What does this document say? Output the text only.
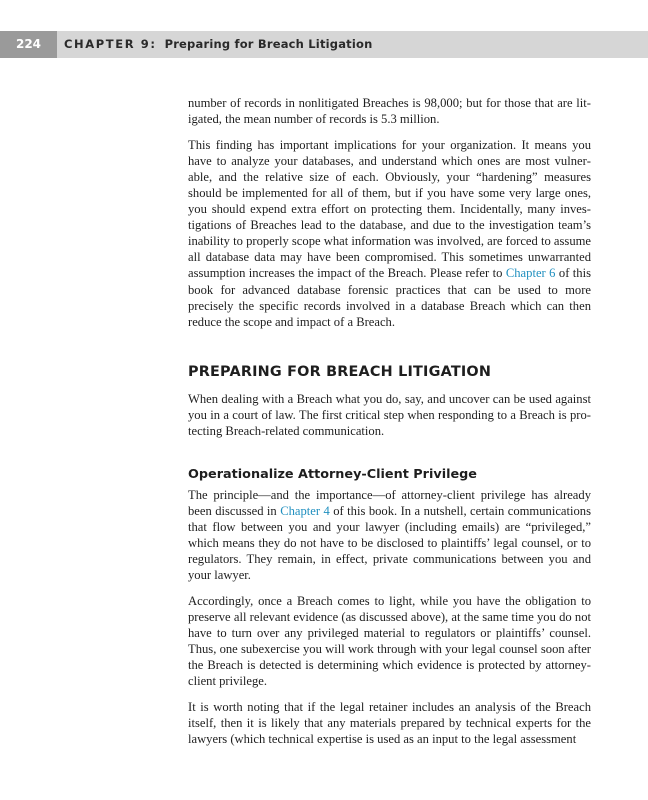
224	CHAPTER 9: Preparing for Breach Litigation

number of records in nonlitigated Breaches is 98,000; but for those that are litigated, the mean number of records is 5.3 million.

This finding has important implications for your organization. It means you have to analyze your databases, and understand which ones are most vulnerable, and the relative size of each. Obviously, your “hardening” measures should be implemented for all of them, but if you have some very large ones, you should expend extra effort on protecting them. Incidentally, many investigations of Breaches lead to the database, and due to the investigation team’s inability to properly scope what information was involved, are forced to assume all database data may have been compromised. This sometimes unwarranted assumption increases the impact of the Breach. Please refer to Chapter 6 of this book for advanced database forensic practices that can be used to more precisely the specific records involved in a database Breach which can then reduce the scope and impact of a Breach.

PREPARING FOR BREACH LITIGATION

When dealing with a Breach what you do, say, and uncover can be used against you in a court of law. The first critical step when responding to a Breach is protecting Breach-related communication.

Operationalize Attorney-Client Privilege

The principle—and the importance—of attorney-client privilege has already been discussed in Chapter 4 of this book. In a nutshell, certain communications that flow between you and your lawyer (including emails) are “privileged,” which means they do not have to be disclosed to plaintiffs’ legal counsel, or to regulators. They remain, in effect, private communications between you and your lawyer.

Accordingly, once a Breach comes to light, while you have the obligation to preserve all relevant evidence (as discussed above), at the same time you do not have to turn over any privileged material to regulators or plaintiffs’ counsel. Thus, one subexercise you will work through with your legal counsel soon after the Breach is detected is determining which evidence is protected by attorney-client privilege.

It is worth noting that if the legal retainer includes an analysis of the Breach itself, then it is likely that any materials prepared by technical experts for the lawyers (which technical expertise is used as an input to the legal assessment
